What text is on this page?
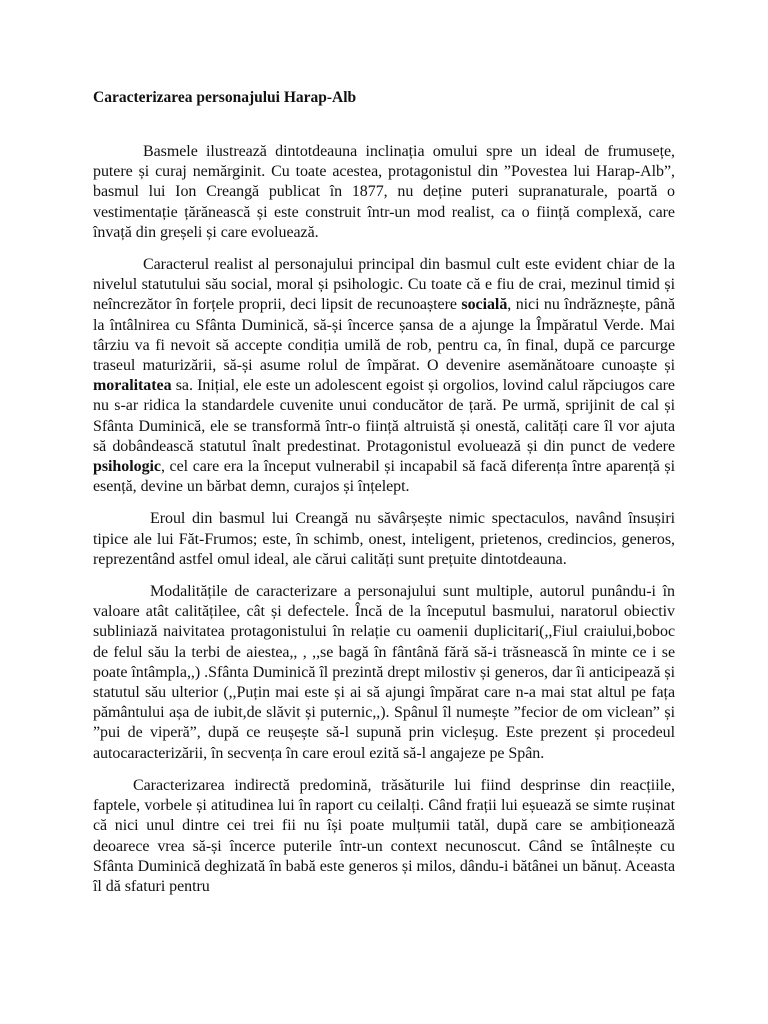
Caracterizarea personajului Harap-Alb

Basmele ilustrează dintotdeauna inclinația omului spre un ideal de frumusețe, putere și curaj nemărginit. Cu toate acestea, protagonistul din ”Povestea lui Harap-Alb”, basmul lui Ion Creangă publicat în 1877, nu deține puteri supranaturale, poartă o vestimentație țărănească și este construit într-un mod realist, ca o ființă complexă, care învață din greșeli și care evoluează.

Caracterul realist al personajului principal din basmul cult este evident chiar de la nivelul statutului său social, moral și psihologic. Cu toate că e fiu de crai, mezinul timid și neîncrezător în forțele proprii, deci lipsit de recunoaștere socială, nici nu îndrăznește, până la întâlnirea cu Sfânta Duminică, să-și încerce șansa de a ajunge la Împăratul Verde. Mai târziu va fi nevoit să accepte condiția umilă de rob, pentru ca, în final, după ce parcurge traseul maturizării, să-și asume rolul de împărat. O devenire asemănătoare cunoaște și moralitatea sa. Inițial, ele este un adolescent egoist și orgolios, lovind calul răpciugos care nu s-ar ridica la standardele cuvenite unui conducător de țară. Pe urmă, sprijinit de cal și Sfânta Duminică, ele se transformă într-o ființă altruistă și onestă, calități care îl vor ajuta să dobândească statutul înalt predestinat. Protagonistul evoluează și din punct de vedere psihologic, cel care era la început vulnerabil și incapabil să facă diferența între aparență și esență, devine un bărbat demn, curajos și înțelept.

Eroul din basmul lui Creangă nu săvârșește nimic spectaculos, navând însușiri tipice ale lui Făt-Frumos; este, în schimb, onest, inteligent, prietenos, credincios, generos, reprezentând astfel omul ideal, ale cărui calități sunt prețuite dintotdeauna.

Modalitățile de caracterizare a personajului sunt multiple, autorul punându-i în valoare atât calitățilee, cât și defectele. Încă de la începutul basmului, naratorul obiectiv subliniază naivitatea protagonistului în relație cu oamenii duplicitari(,,Fiul craiului,boboc de felul său la terbi de aiestea,, , ,,se bagă în fântână fără să-i trăsnească în minte ce i se poate întâmpla,,) .Sfânta Duminică îl prezintă drept milostiv și generos, dar îi anticipează și statutul său ulterior (,,Puțin mai este și ai să ajungi împărat care n-a mai stat altul pe fața pământului așa de iubit,de slăvit și puternic,,). Spânul îl numește ”fecior de om viclean” și ”pui de viperă”, după ce reușește să-l supună prin vicleșug. Este prezent și procedeul autocaracterizării, în secvența în care eroul ezită să-l angajeze pe Spân.

Caracterizarea indirectă predomină, trăsăturile lui fiind desprinse din reacțiile, faptele, vorbele și atitudinea lui în raport cu ceilalți. Când frații lui eșuează se simte rușinat că nici unul dintre cei trei fii nu își poate mulțumii tatăl, după care se ambiționează deoarece vrea să-și încerce puterile într-un context necunoscut. Când se întâlnește cu Sfânta Duminică deghizată în babă este generos și milos, dându-i bătânei un bănuț. Aceasta îl dă sfaturi pentru
